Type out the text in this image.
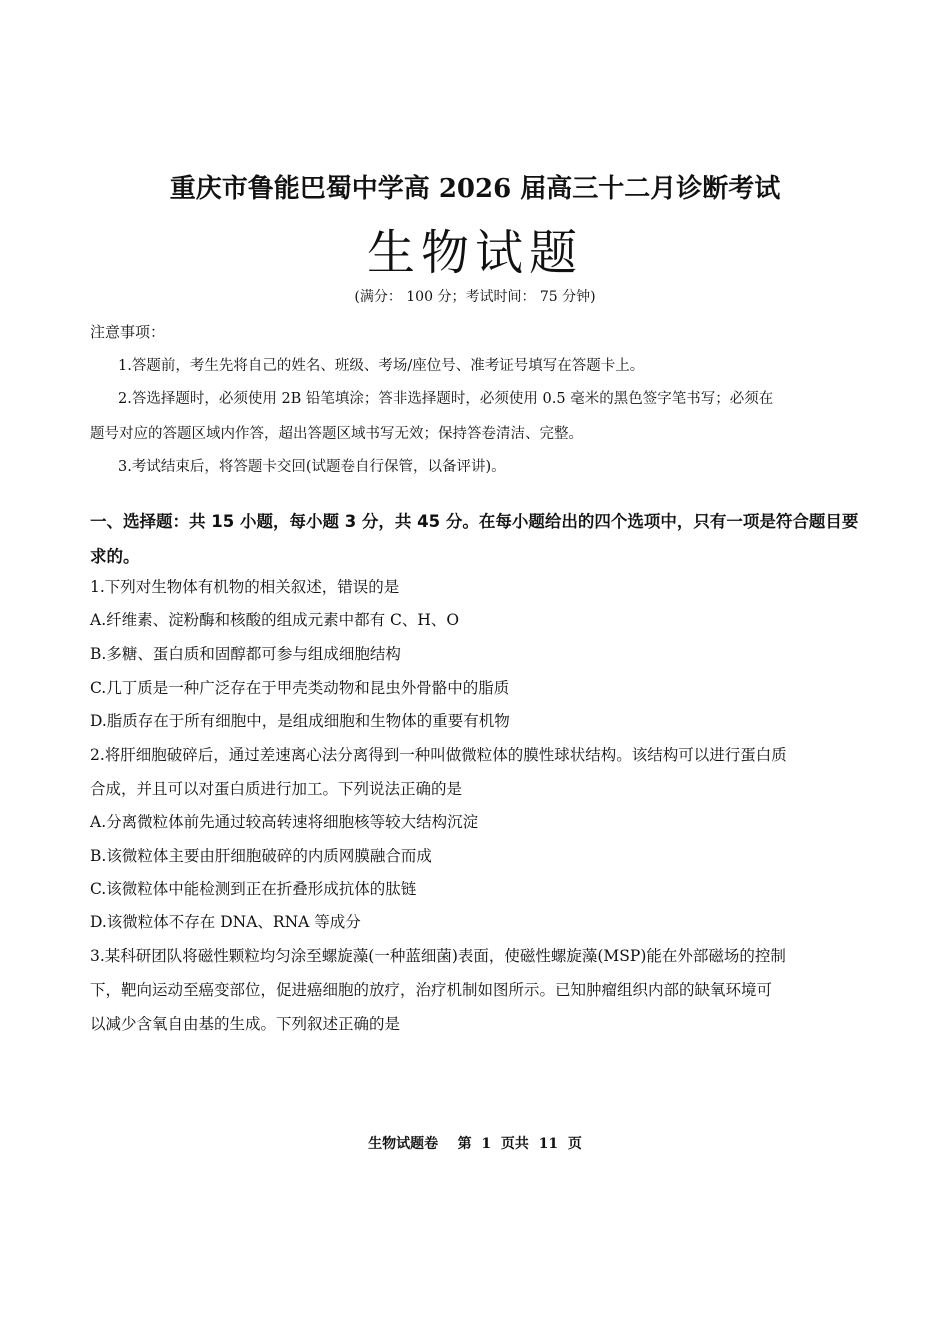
重庆市鲁能巴蜀中学高 2026 届高三十二月诊断考试
生物试题
(满分： 100 分；考试时间： 75 分钟)
注意事项：
1.答题前，考生先将自己的姓名、班级、考场/座位号、准考证号填写在答题卡上。
2.答选择题时，必须使用 2B 铅笔填涂；答非选择题时，必须使用 0.5 毫米的黑色签字笔书写；必须在
题号对应的答题区域内作答，超出答题区域书写无效；保持答卷清洁、完整。
3.考试结束后，将答题卡交回(试题卷自行保管，以备评讲)。
一、选择题：共 15 小题，每小题 3 分，共 45 分。在每小题给出的四个选项中，只有一项是符合题目要
求的。
1.下列对生物体有机物的相关叙述，错误的是
A.纤维素、淀粉酶和核酸的组成元素中都有 C、H、O
B.多糖、蛋白质和固醇都可参与组成细胞结构
C.几丁质是一种广泛存在于甲壳类动物和昆虫外骨骼中的脂质
D.脂质存在于所有细胞中，是组成细胞和生物体的重要有机物
2.将肝细胞破碎后，通过差速离心法分离得到一种叫做微粒体的膜性球状结构。该结构可以进行蛋白质
合成，并且可以对蛋白质进行加工。下列说法正确的是
A.分离微粒体前先通过较高转速将细胞核等较大结构沉淀
B.该微粒体主要由肝细胞破碎的内质网膜融合而成
C.该微粒体中能检测到正在折叠形成抗体的肽链
D.该微粒体不存在 DNA、RNA 等成分
3.某科研团队将磁性颗粒均匀涂至螺旋藻(一种蓝细菌)表面，使磁性螺旋藻(MSP)能在外部磁场的控制
下，靶向运动至癌变部位，促进癌细胞的放疗，治疗机制如图所示。已知肿瘤组织内部的缺氧环境可
以减少含氧自由基的生成。下列叙述正确的是
生物试题卷    第  1  页共  11  页
